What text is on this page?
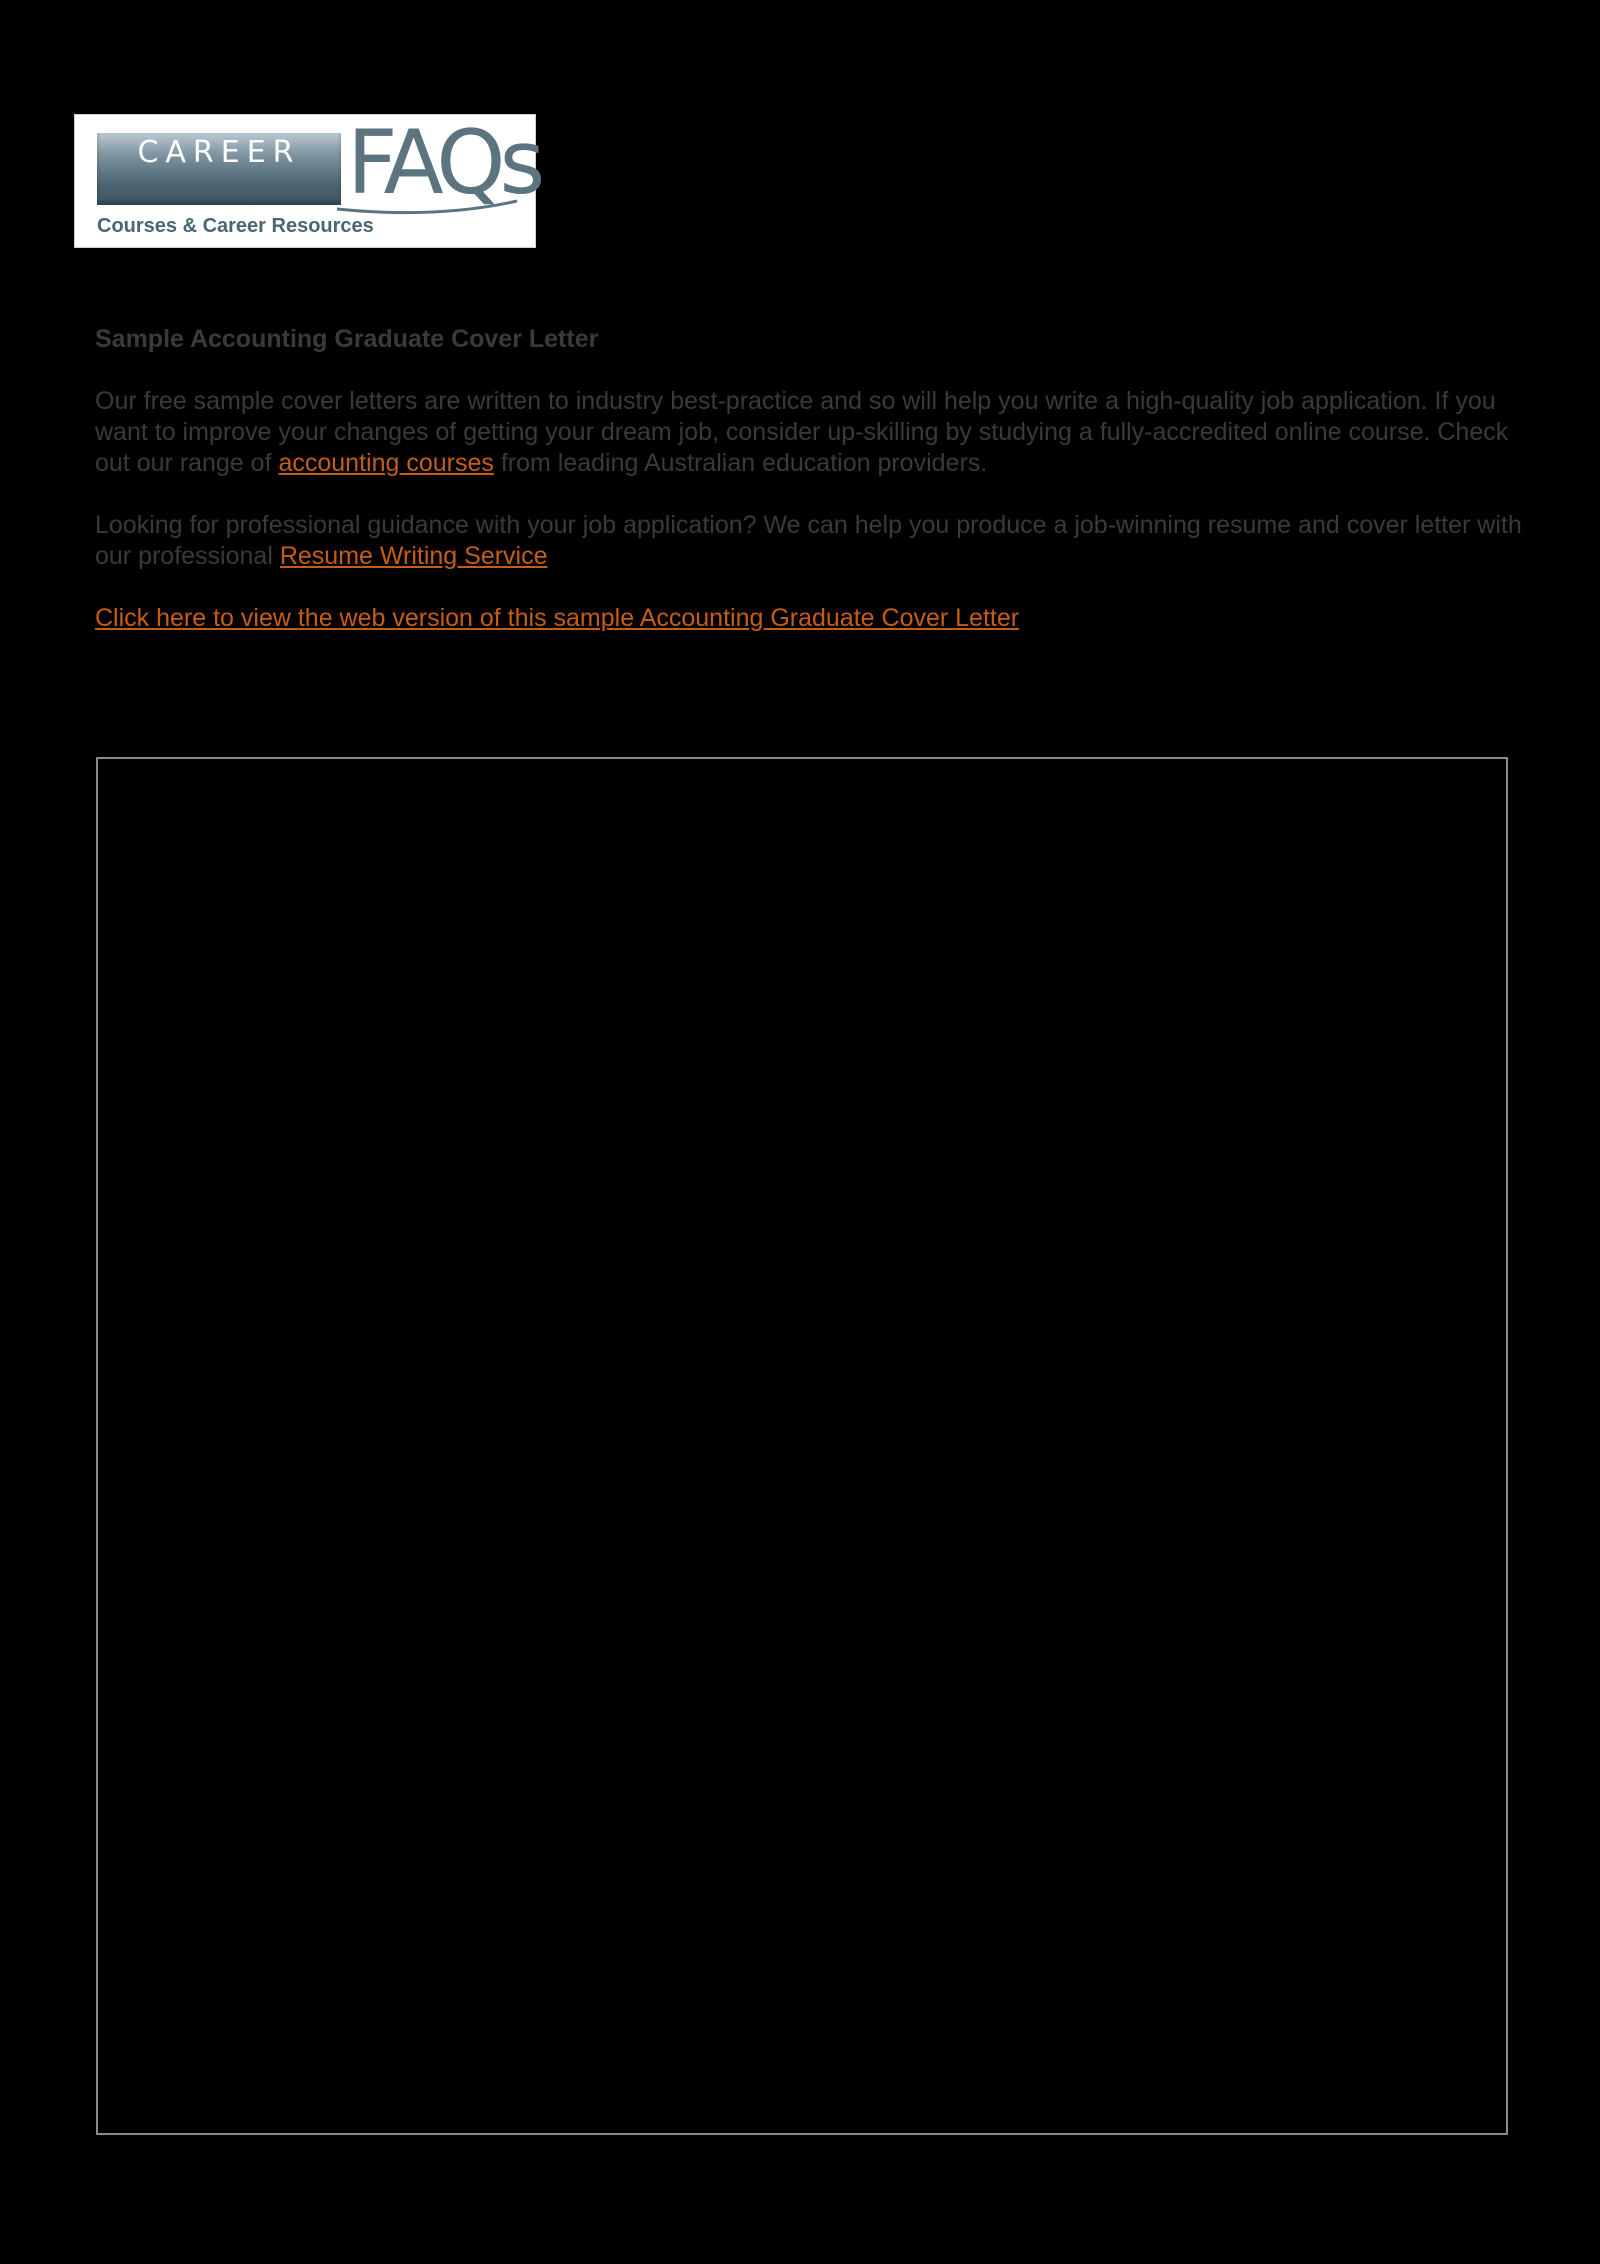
CAREER FAQs
Courses & Career Resources

Sample Accounting Graduate Cover Letter

Our free sample cover letters are written to industry best-practice and so will help you write a high-quality job application. If you want to improve your changes of getting your dream job, consider up-skilling by studying a fully-accredited online course. Check out our range of accounting courses from leading Australian education providers.

Looking for professional guidance with your job application? We can help you produce a job-winning resume and cover letter with our professional Resume Writing Service

Click here to view the web version of this sample Accounting Graduate Cover Letter
